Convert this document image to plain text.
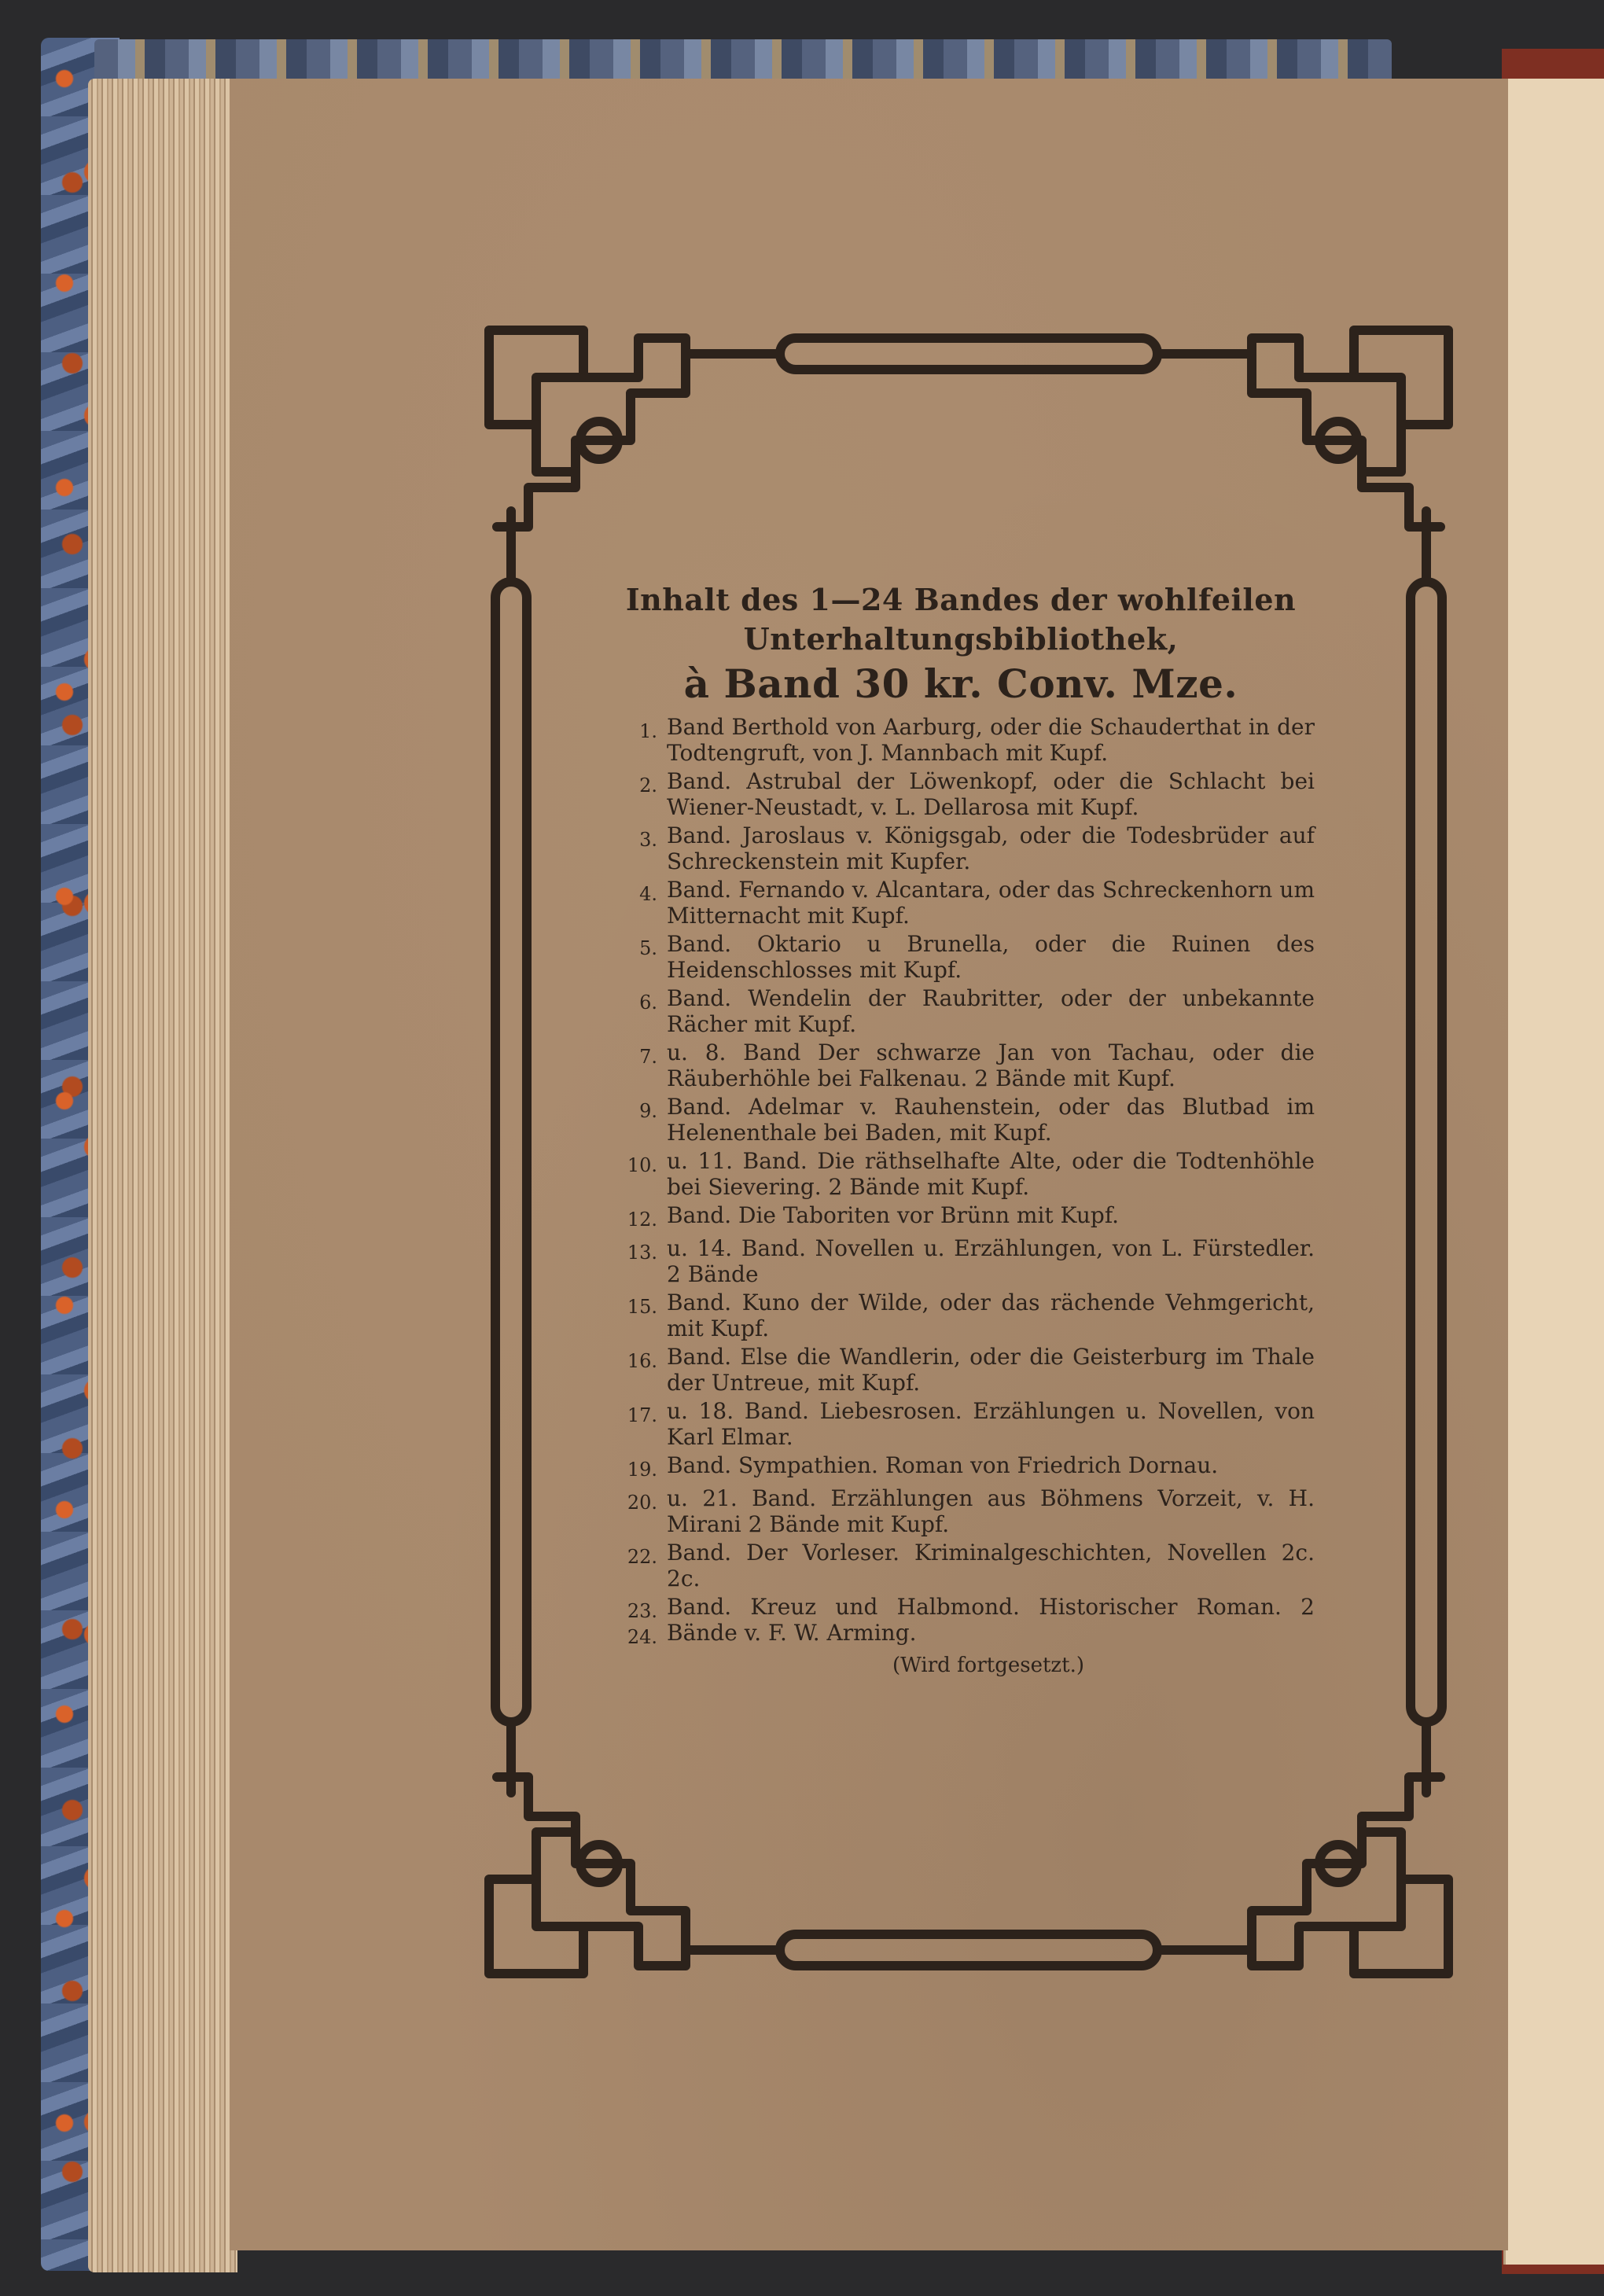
Inhalt des 1—24 Bandes der wohlfeilen
Unterhaltungsbibliothek,
à Band 30 kr. Conv. Mze.
1. Band Berthold von Aarburg, oder die Schauderthat in der Todtengruft, von J. Mannbach mit Kupf.
2. Band. Astrubal der Löwenkopf, oder die Schlacht bei Wiener-Neustadt, v. L. Dellarosa mit Kupf.
3. Band. Jaroslaus v. Königsgab, oder die Todesbrüder auf Schreckenstein mit Kupfer.
4. Band. Fernando v. Alcantara, oder das Schreckenhorn um Mitternacht mit Kupf.
5. Band. Oktario u Brunella, oder die Ruinen des Heidenschlosses mit Kupf.
6. Band. Wendelin der Raubritter, oder der unbekannte Rächer mit Kupf.
7. u. 8. Band Der schwarze Jan von Tachau, oder die Räuberhöhle bei Falkenau. 2 Bände mit Kupf.
9. Band. Adelmar v. Rauhenstein, oder das Blutbad im Helenenthale bei Baden, mit Kupf.
10. u. 11. Band. Die räthselhafte Alte, oder die Todtenhöhle bei Sievering. 2 Bände mit Kupf.
12. Band. Die Taboriten vor Brünn mit Kupf.
13. u. 14. Band. Novellen u. Erzählungen, von L. Fürstedler. 2 Bände
15. Band. Kuno der Wilde, oder das rächende Vehmgericht, mit Kupf.
16. Band. Else die Wandlerin, oder die Geisterburg im Thale der Untreue, mit Kupf.
17. u. 18. Band. Liebesrosen. Erzählungen u. Novellen, von Karl Elmar.
19. Band. Sympathien. Roman von Friedrich Dornau.
20. u. 21. Band. Erzählungen aus Böhmens Vorzeit, v. H. Mirani 2 Bände mit Kupf.
22. Band. Der Vorleser. Kriminalgeschichten, Novellen 2c. 2c.
23. 24.
Band. Kreuz und Halbmond. Historischer Roman. 2 Bände v. F. W. Arming.
(Wird fortgesetzt.)
